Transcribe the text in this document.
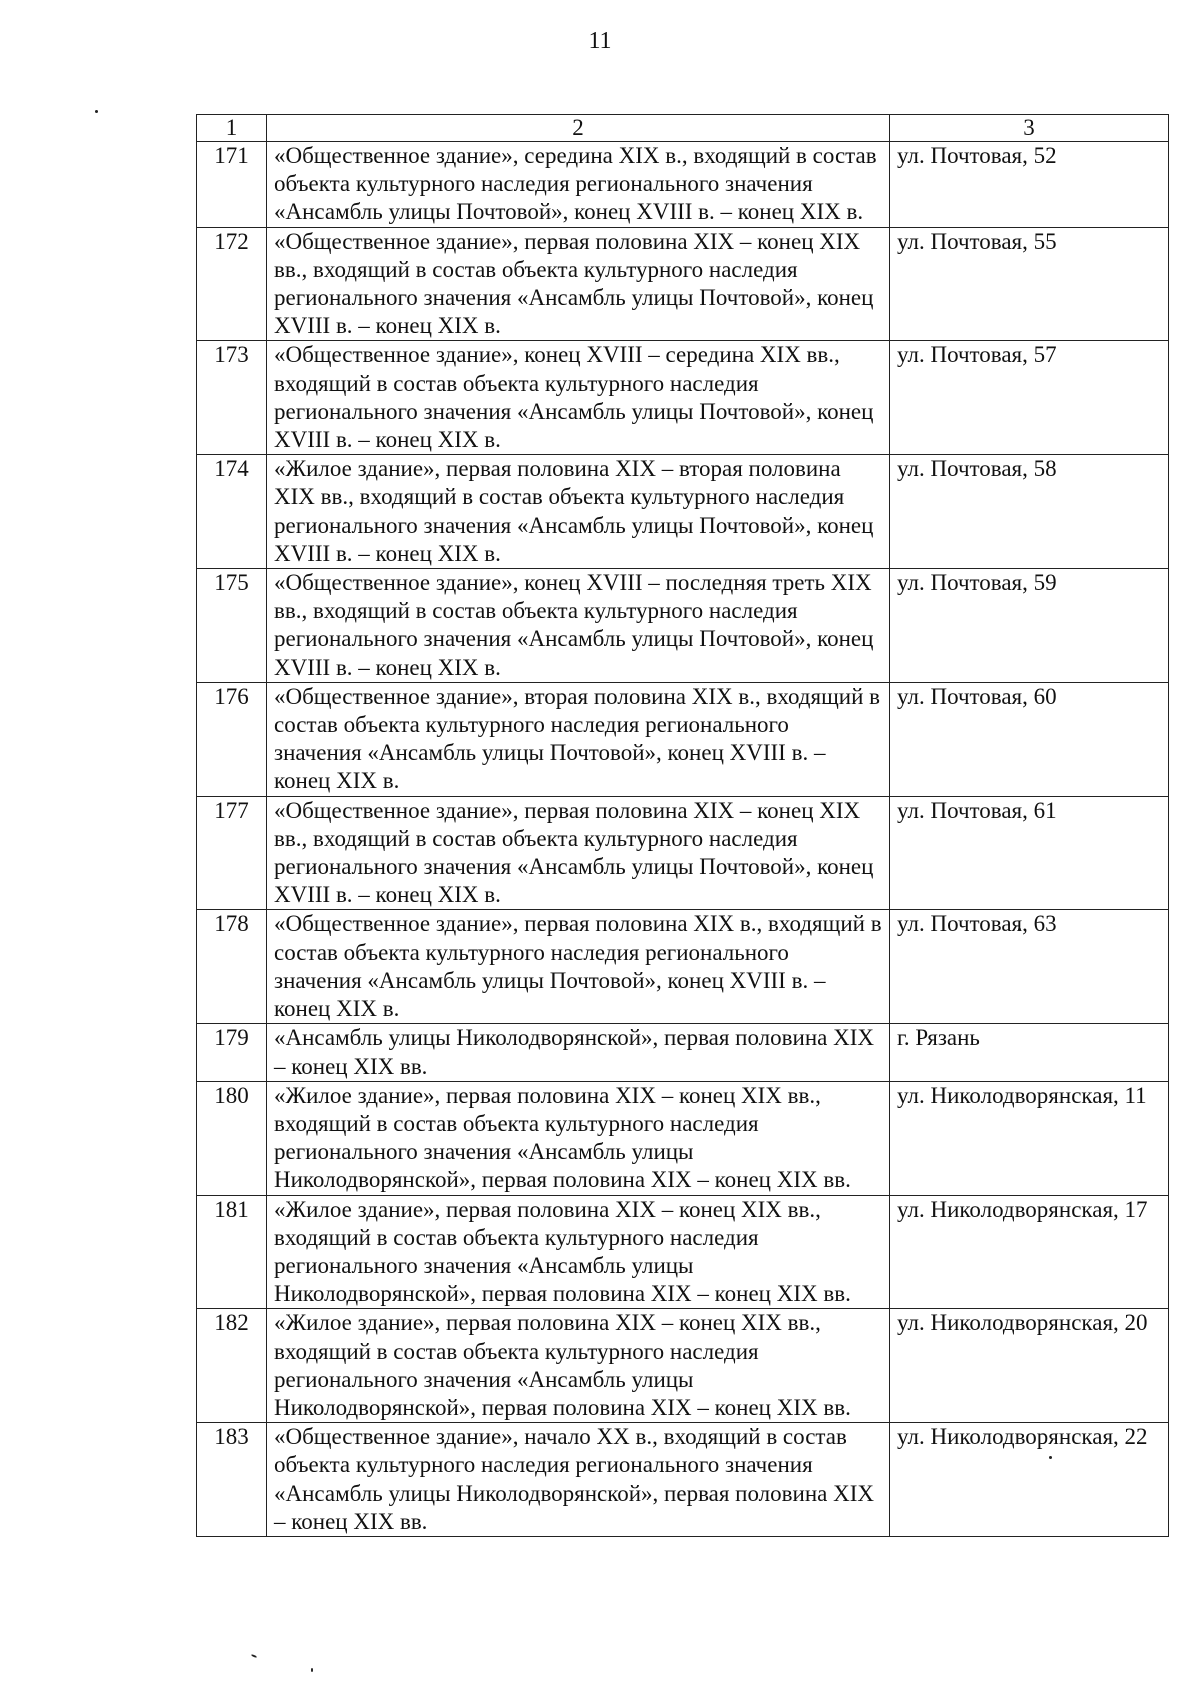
11
1	2	3
171	«Общественное здание», середина XIX в., входящий в состав объекта культурного наследия регионального значения «Ансамбль улицы Почтовой», конец XVIII в. – конец XIX в.	ул. Почтовая, 52
172	«Общественное здание», первая половина XIX – конец XIX вв., входящий в состав объекта культурного наследия регионального значения «Ансамбль улицы Почтовой», конец XVIII в. – конец XIX в.	ул. Почтовая, 55
173	«Общественное здание», конец XVIII – середина XIX вв., входящий в состав объекта культурного наследия регионального значения «Ансамбль улицы Почтовой», конец XVIII в. – конец XIX в.	ул. Почтовая, 57
174	«Жилое здание», первая половина XIX – вторая половина XIX вв., входящий в состав объекта культурного наследия регионального значения «Ансамбль улицы Почтовой», конец XVIII в. – конец XIX в.	ул. Почтовая, 58
175	«Общественное здание», конец XVIII – последняя треть XIX вв., входящий в состав объекта культурного наследия регионального значения «Ансамбль улицы Почтовой», конец XVIII в. – конец XIX в.	ул. Почтовая, 59
176	«Общественное здание», вторая половина XIX в., входящий в состав объекта культурного наследия регионального значения «Ансамбль улицы Почтовой», конец XVIII в. – конец XIX в.	ул. Почтовая, 60
177	«Общественное здание», первая половина XIX – конец XIX вв., входящий в состав объекта культурного наследия регионального значения «Ансамбль улицы Почтовой», конец XVIII в. – конец XIX в.	ул. Почтовая, 61
178	«Общественное здание», первая половина XIX в., входящий в состав объекта культурного наследия регионального значения «Ансамбль улицы Почтовой», конец XVIII в. – конец XIX в.	ул. Почтовая, 63
179	«Ансамбль улицы Николодворянской», первая половина XIX – конец XIX вв.	г. Рязань
180	«Жилое здание», первая половина XIX – конец XIX вв., входящий в состав объекта культурного наследия регионального значения «Ансамбль улицы Николодворянской», первая половина XIX – конец XIX вв.	ул. Николодворянская, 11
181	«Жилое здание», первая половина XIX – конец XIX вв., входящий в состав объекта культурного наследия регионального значения «Ансамбль улицы Николодворянской», первая половина XIX – конец XIX вв.	ул. Николодворянская, 17
182	«Жилое здание», первая половина XIX – конец XIX вв., входящий в состав объекта культурного наследия регионального значения «Ансамбль улицы Николодворянской», первая половина XIX – конец XIX вв.	ул. Николодворянская, 20
183	«Общественное здание», начало XX в., входящий в состав объекта культурного наследия регионального значения «Ансамбль улицы Николодворянской», первая половина XIX – конец XIX вв.	ул. Николодворянская, 22
